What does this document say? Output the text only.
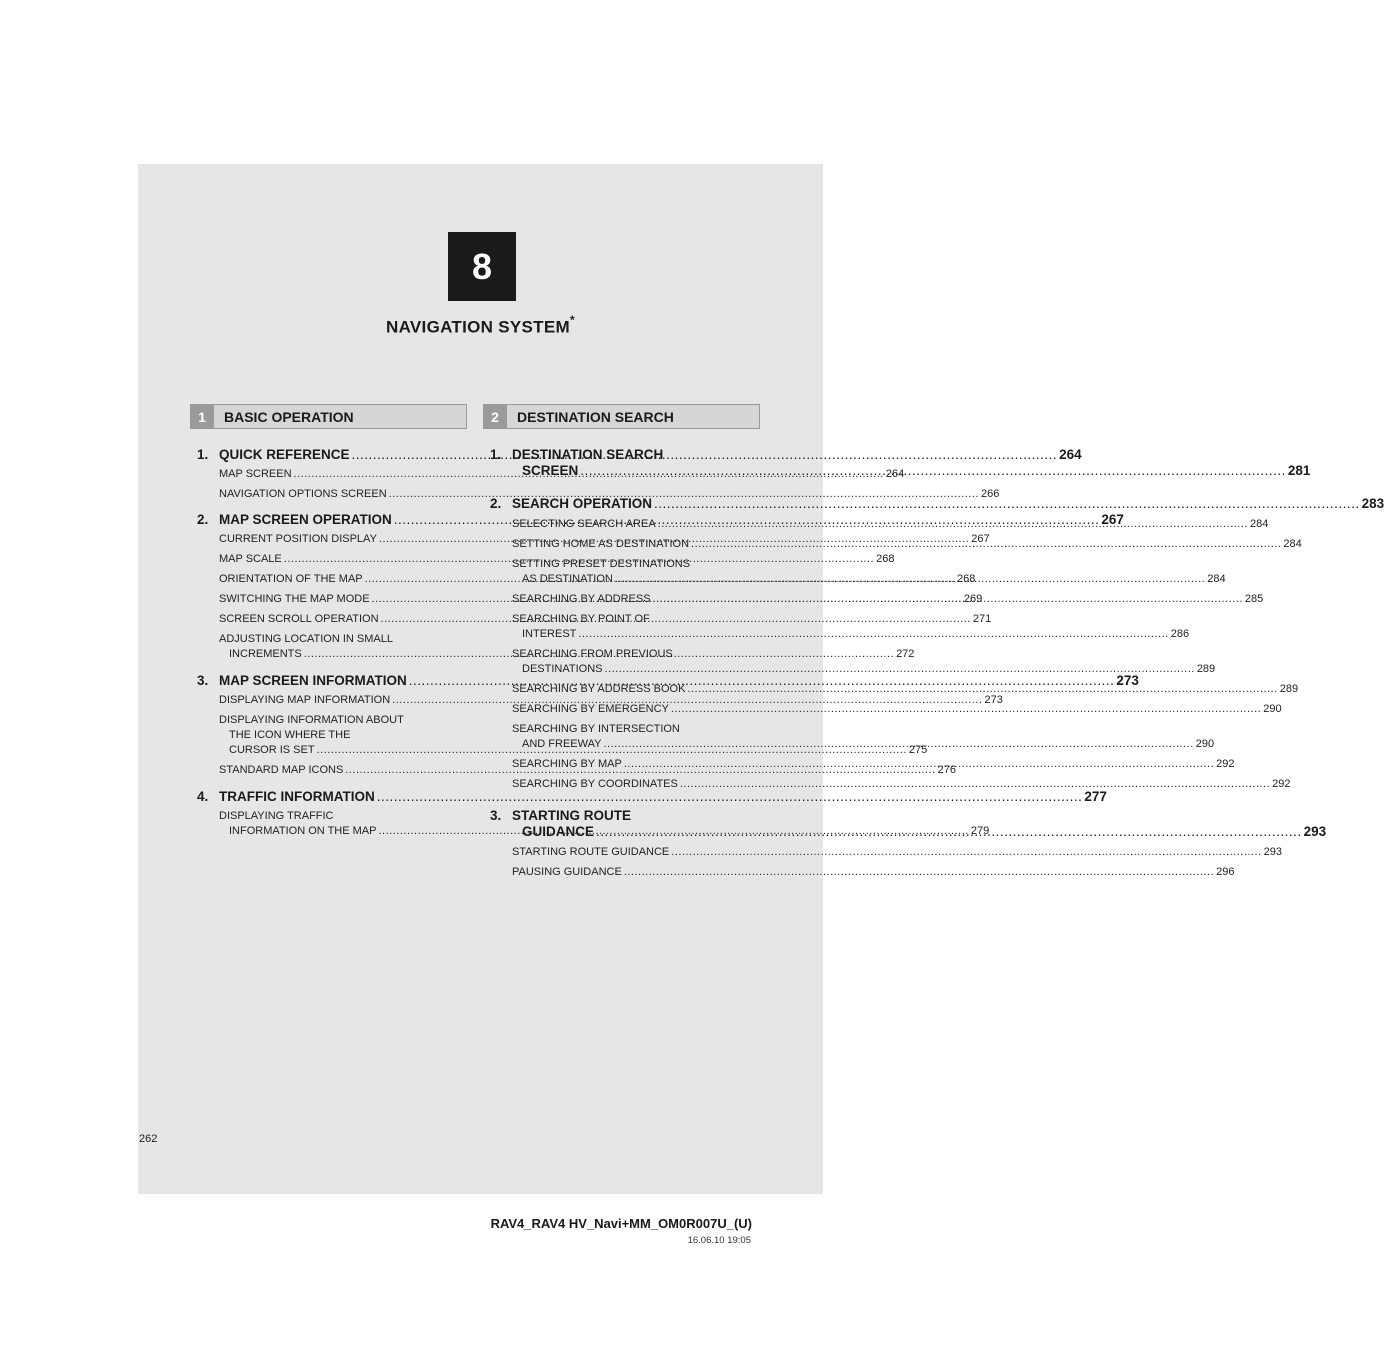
8
NAVIGATION SYSTEM*
1	BASIC OPERATION	2	DESTINATION SEARCH
1. QUICK REFERENCE .....	264
MAP SCREEN .....	264
NAVIGATION OPTIONS SCREEN .....	266
2. MAP SCREEN OPERATION .....	267
CURRENT POSITION DISPLAY .....	267
MAP SCALE .....	268
ORIENTATION OF THE MAP .....	268
SWITCHING THE MAP MODE .....	269
SCREEN SCROLL OPERATION .....	271
ADJUSTING LOCATION IN SMALL
INCREMENTS .....	272
3. MAP SCREEN INFORMATION .....	273
DISPLAYING MAP INFORMATION .....	273
DISPLAYING INFORMATION ABOUT
THE ICON WHERE THE
CURSOR IS SET .....	275
STANDARD MAP ICONS .....	276
4. TRAFFIC INFORMATION .....	277
DISPLAYING TRAFFIC
INFORMATION ON THE MAP .....	279
1. DESTINATION SEARCH
SCREEN .....	281
2. SEARCH OPERATION .....	283
SELECTING SEARCH AREA .....	284
SETTING HOME AS DESTINATION .....	284
SETTING PRESET DESTINATIONS
AS DESTINATION .....	284
SEARCHING BY ADDRESS .....	285
SEARCHING BY POINT OF
INTEREST .....	286
SEARCHING FROM PREVIOUS
DESTINATIONS .....	289
SEARCHING BY ADDRESS BOOK .....	289
SEARCHING BY EMERGENCY .....	290
SEARCHING BY INTERSECTION
AND FREEWAY .....	290
SEARCHING BY MAP .....	292
SEARCHING BY COORDINATES .....	292
3. STARTING ROUTE
GUIDANCE .....	293
STARTING ROUTE GUIDANCE .....	293
PAUSING GUIDANCE .....	296
262
RAV4_RAV4 HV_Navi+MM_OM0R007U_(U)
16.06.10 19:05
